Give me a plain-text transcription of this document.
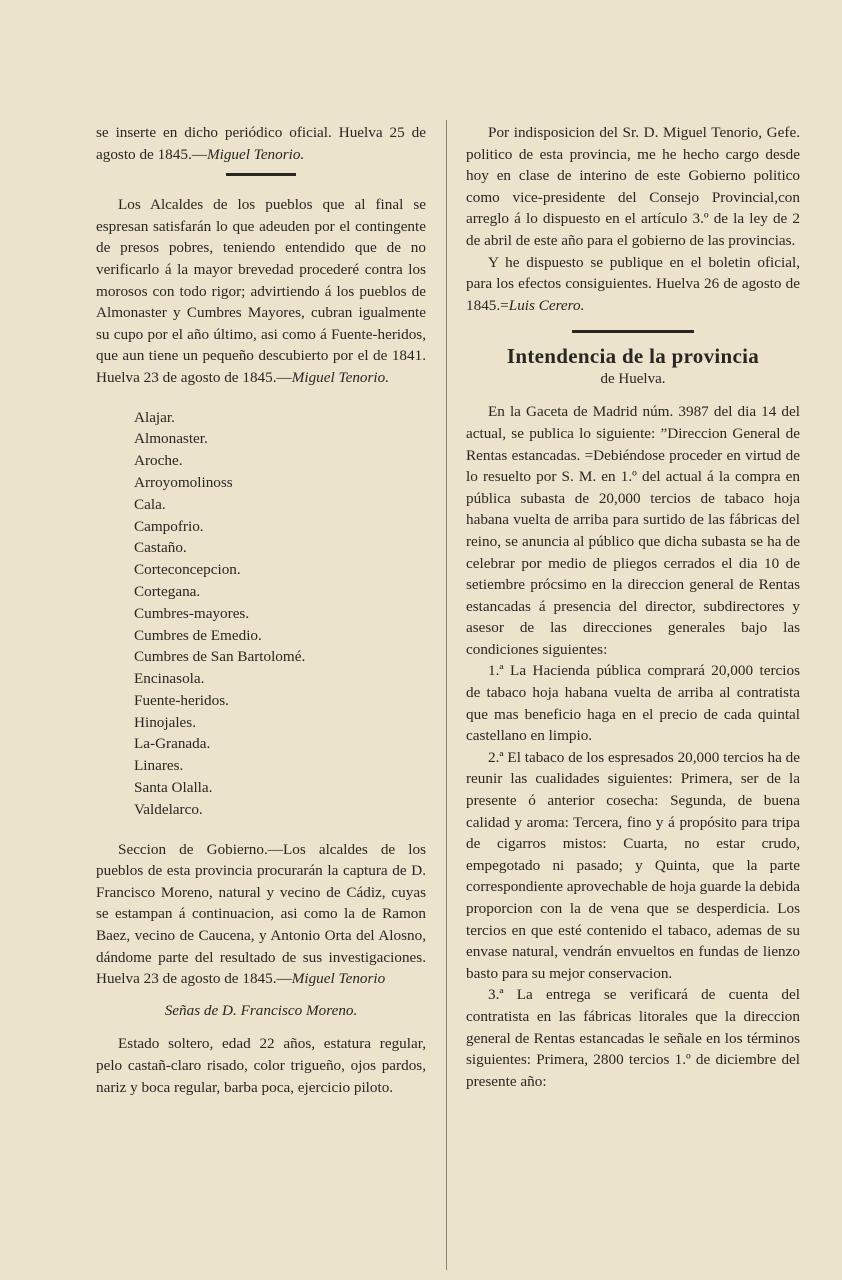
se inserte en dicho periódico oficial. Huelva 25 de agosto de 1845.—Miguel Tenorio.

Los Alcaldes de los pueblos que al final se espresan satisfarán lo que adeuden por el contingente de presos pobres, teniendo entendido que de no verificarlo á la mayor brevedad procederé contra los morosos con todo rigor; advirtiendo á los pueblos de Almonaster y Cumbres Mayores, cubran igualmente su cupo por el año último, asi como á Fuente-heridos, que aun tiene un pequeño descubierto por el de 1841. Huelva 23 de agosto de 1845.—Miguel Tenorio.

Alajar.
Almonaster.
Aroche.
Arroyomolinoss
Cala.
Campofrio.
Castaño.
Corteconcepcion.
Cortegana.
Cumbres-mayores.
Cumbres de Emedio.
Cumbres de San Bartolomé.
Encinasola.
Fuente-heridos.
Hinojales.
La-Granada.
Linares.
Santa Olalla.
Valdelarco.

Seccion de Gobierno.—Los alcaldes de los pueblos de esta provincia procurarán la captura de D. Francisco Moreno, natural y vecino de Cádiz, cuyas se estampan á continuacion, asi como la de Ramon Baez, vecino de Caucena, y Antonio Orta del Alosno, dándome parte del resultado de sus investigaciones. Huelva 23 de agosto de 1845.—Miguel Tenorio

Señas de D. Francisco Moreno.

Estado soltero, edad 22 años, estatura regular, pelo castañ-claro risado, color trigueño, ojos pardos, nariz y boca regular, barba poca, ejercicio piloto.

Por indisposicion del Sr. D. Miguel Tenorio, Gefe. politico de esta provincia, me he hecho cargo desde hoy en clase de interino de este Gobierno politico como vice-presidente del Consejo Provincial,con arreglo á lo dispuesto en el artículo 3.º de la ley de 2 de abril de este año para el gobierno de las provincias.

Y he dispuesto se publique en el boletin oficial, para los efectos consiguientes. Huelva 26 de agosto de 1845.=Luis Cerero.

Intendencia de la provincia
de Huelva.

En la Gaceta de Madrid núm. 3987 del dia 14 del actual, se publica lo siguiente: ”Direccion General de Rentas estancadas. =Debiéndose proceder en virtud de lo resuelto por S. M. en 1.º del actual á la compra en pública subasta de 20,000 tercios de tabaco hoja habana vuelta de arriba para surtido de las fábricas del reino, se anuncia al público que dicha subasta se ha de celebrar por medio de pliegos cerrados el dia 10 de setiembre prócsimo en la direccion general de Rentas estancadas á presencia del director, subdirectores y asesor de las direcciones generales bajo las condiciones siguientes:

1.ª La Hacienda pública comprará 20,000 tercios de tabaco hoja habana vuelta de arriba al contratista que mas beneficio haga en el precio de cada quintal castellano en limpio.

2.ª El tabaco de los espresados 20,000 tercios ha de reunir las cualidades siguientes: Primera, ser de la presente ó anterior cosecha: Segunda, de buena calidad y aroma: Tercera, fino y á propósito para tripa de cigarros mistos: Cuarta, no estar crudo, empegotado ni pasado; y Quinta, que la parte correspondiente aprovechable de hoja guarde la debida proporcion con la de vena que se desperdicia. Los tercios en que esté contenido el tabaco, ademas de su envase natural, vendrán envueltos en fundas de lienzo basto para su mejor conservacion.

3.ª La entrega se verificará de cuenta del contratista en las fábricas litorales que la direccion general de Rentas estancadas le señale en los términos siguientes: Primera, 2800 tercios 1.º de diciembre del presente año:
